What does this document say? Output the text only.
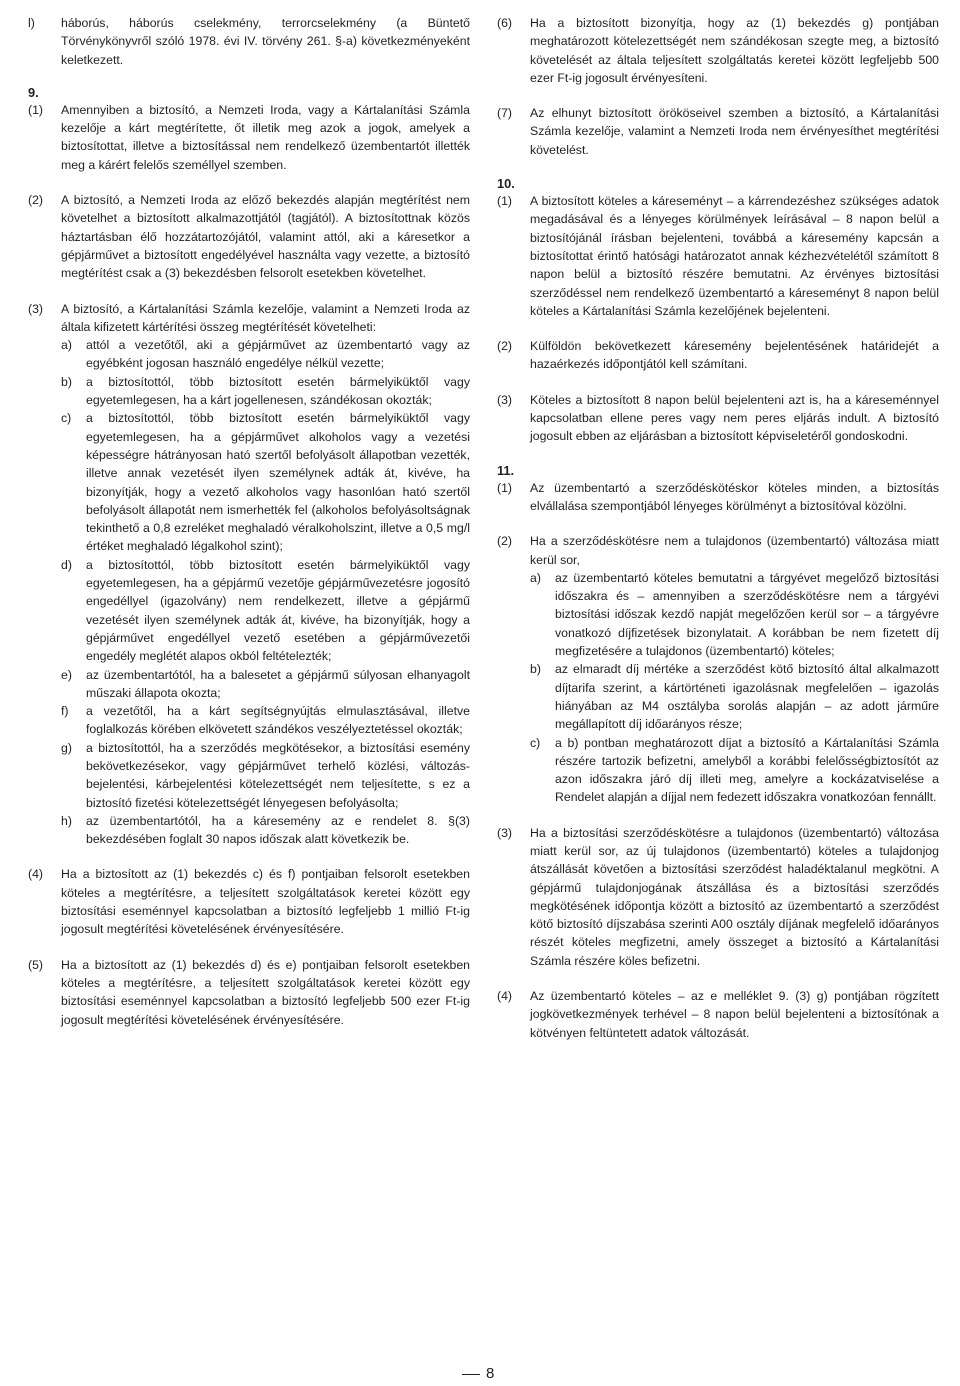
l)	háborús, háborús cselekmény, terrorcselekmény (a Büntető Törvénykönyvről szóló 1978. évi IV. törvény 261. §-a) következményeként keletkezett.
9.
(1)	Amennyiben a biztosító, a Nemzeti Iroda, vagy a Kártalanítási Számla kezelője a kárt megtérítette, őt illetik meg azok a jogok, amelyek a biztosítottat, illetve a biztosítással nem rendelkező üzembentartót illették meg a kárért felelős személlyel szemben.
(2)	A biztosító, a Nemzeti Iroda az előző bekezdés alapján megtérítést nem követelhet a biztosított alkalmazottjától (tagjától). A biztosítottnak közös háztartásban élő hozzátartozójától, valamint attól, aki a káresetkor a gépjárművet a biztosított engedélyével használta vagy vezette, a biztosító megtérítést csak a (3) bekezdésben felsorolt esetekben követelhet.
(3)	A biztosító, a Kártalanítási Számla kezelője, valamint a Nemzeti Iroda az általa kifizetett kártérítési összeg megtérítését követelheti:
a)	attól a vezetőtől, aki a gépjárművet az üzembentartó vagy az egyébként jogosan használó engedélye nélkül vezette;
b)	a biztosítottól, több biztosított esetén bármelyiküktől vagy egyetemlegesen, ha a kárt jogellenesen, szándékosan okozták;
c)	a biztosítottól, több biztosított esetén bármelyiküktől vagy egyetemlegesen, ha a gépjárművet alkoholos vagy a vezetési képességre hátrányosan ható szertől befolyásolt állapotban vezették, illetve annak vezetését ilyen személynek adták át, kivéve, ha bizonyítják, hogy a vezető alkoholos vagy hasonlóan ható szertől befolyásolt állapotát nem ismerhették fel (alkoholos befolyásoltságnak tekinthető a 0,8 ezreléket meghaladó véralkoholszint, illetve a 0,5 mg/l értéket meghaladó légalkohol szint);
d)	a biztosítottól, több biztosított esetén bármelyiküktől vagy egyetemlegesen, ha a gépjármű vezetője gépjárművezetésre jogosító engedéllyel (igazolvány) nem rendelkezett, illetve a gépjármű vezetését ilyen személynek adták át, kivéve, ha bizonyítják, hogy a gépjárművet engedéllyel vezető esetében a gépjárművezetői engedély meglétét alapos okból feltételezték;
e)	az üzembentartótól, ha a balesetet a gépjármű súlyosan elhanyagolt műszaki állapota okozta;
f)	a vezetőtől, ha a kárt segítségnyújtás elmulasztásával, illetve foglalkozás körében elkövetett szándékos veszélyeztetéssel okozták;
g)	a biztosítottól, ha a szerződés megkötésekor, a biztosítási esemény bekövetkezésekor, vagy gépjárművet terhelő közlési, változás-bejelentési, kárbejelentési kötelezettségét nem teljesítette, s ez a biztosító fizetési kötelezettségét lényegesen befolyásolta;
h)	az üzembentartótól, ha a káresemény az e rendelet 8. §(3) bekezdésében foglalt 30 napos időszak alatt következik be.
(4)	Ha a biztosított az (1) bekezdés c) és f) pontjaiban felsorolt esetekben köteles a megtérítésre, a teljesített szolgáltatások keretei között egy biztosítási eseménnyel kapcsolatban a biztosító legfeljebb 1 millió Ft-ig jogosult megtérítési követelésének érvényesítésére.
(5)	Ha a biztosított az (1) bekezdés d) és e) pontjaiban felsorolt esetekben köteles a megtérítésre, a teljesített szolgáltatások keretei között egy biztosítási eseménnyel kapcsolatban a biztosító legfeljebb 500 ezer Ft-ig jogosult megtérítési követelésének érvényesítésére.
(6)	Ha a biztosított bizonyítja, hogy az (1) bekezdés g) pontjában meghatározott kötelezettségét nem szándékosan szegte meg, a biztosító követelését az általa teljesített szolgáltatás keretei között legfeljebb 500 ezer Ft-ig jogosult érvényesíteni.
(7)	Az elhunyt biztosított örököseivel szemben a biztosító, a Kártalanítási Számla kezelője, valamint a Nemzeti Iroda nem érvényesíthet megtérítési követelést.
10.
(1)	A biztosított köteles a káreseményt – a kárrendezéshez szükséges adatok megadásával és a lényeges körülmények leírásával – 8 napon belül a biztosítójánál írásban bejelenteni, továbbá a káresemény kapcsán a biztosítottat érintő hatósági határozatot annak kézhezvételétől számított 8 napon belül a biztosító részére bemutatni. Az érvényes biztosítási szerződéssel nem rendelkező üzembentartó a káreseményt 8 napon belül köteles a Kártalanítási Számla kezelőjének bejelenteni.
(2)	Külföldön bekövetkezett káresemény bejelentésének határidejét a hazaérkezés időpontjától kell számítani.
(3)	Köteles a biztosított 8 napon belül bejelenteni azt is, ha a káreseménnyel kapcsolatban ellene peres vagy nem peres eljárás indult. A biztosító jogosult ebben az eljárásban a biztosított képviseletéről gondoskodni.
11.
(1)	Az üzembentartó a szerződéskötéskor köteles minden, a biztosítás elvállalása szempontjából lényeges körülményt a biztosítóval közölni.
(2)	Ha a szerződéskötésre nem a tulajdonos (üzembentartó) változása miatt kerül sor,
a)	az üzembentartó köteles bemutatni a tárgyévet megelőző biztosítási időszakra és – amennyiben a szerződéskötésre nem a tárgyévi biztosítási időszak kezdő napját megelőzően kerül sor – a tárgyévre vonatkozó díjfizetések bizonylatait. A korábban be nem fizetett díj megfizetésére a tulajdonos (üzembentartó) köteles;
b)	az elmaradt díj mértéke a szerződést kötő biztosító által alkalmazott díjtarifa szerint, a kártörténeti igazolásnak megfelelően – igazolás hiányában az M4 osztályba sorolás alapján – az adott járműre megállapított díj időarányos része;
c)	a b) pontban meghatározott díjat a biztosító a Kártalanítási Számla részére tartozik befizetni, amelyből a korábbi felelősségbiztosítót az azon időszakra járó díj illeti meg, amelyre a kockázatviselése a Rendelet alapján a díjjal nem fedezett időszakra vonatkozóan fennállt.
(3)	Ha a biztosítási szerződéskötésre a tulajdonos (üzembentartó) változása miatt kerül sor, az új tulajdonos (üzembentartó) köteles a tulajdonjog átszállását követően a biztosítási szerződést haladéktalanul megkötni. A gépjármű tulajdonjogának átszállása és a biztosítási szerződés megkötésének időpontja között a biztosító az üzembentartó a szerződést kötő biztosító díjszabása szerinti A00 osztály díjának megfelelő időarányos részét köteles megfizetni, amely összeget a biztosító a Kártalanítási Számla részére köles befizetni.
(4)	Az üzembentartó köteles – az e melléklet 9. (3) g) pontjában rögzített jogkövetkezmények terhével – 8 napon belül bejelenteni a biztosítónak a kötvényen feltüntetett adatok változását.
8
